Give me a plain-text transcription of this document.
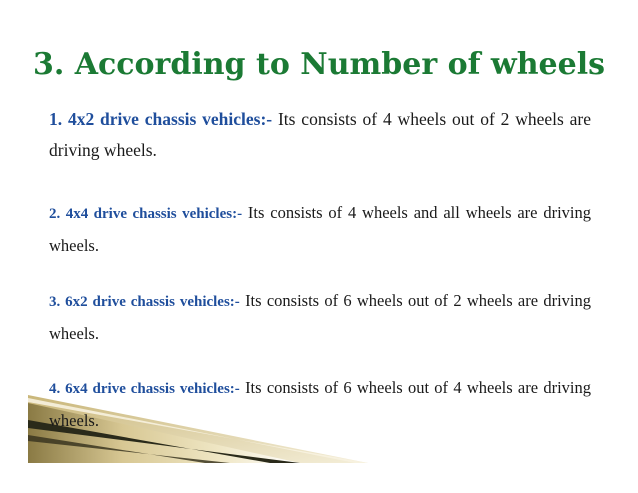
3. According to Number of wheels
1. 4x2 drive chassis vehicles:- Its consists of 4 wheels out of 2 wheels are driving wheels.
2. 4x4 drive chassis vehicles:- Its consists of 4 wheels and all wheels are driving wheels.
3. 6x2 drive chassis vehicles:- Its consists of 6 wheels out of 2 wheels are driving wheels.
4. 6x4 drive chassis vehicles:- Its consists of 6 wheels out of 4 wheels are driving wheels.
